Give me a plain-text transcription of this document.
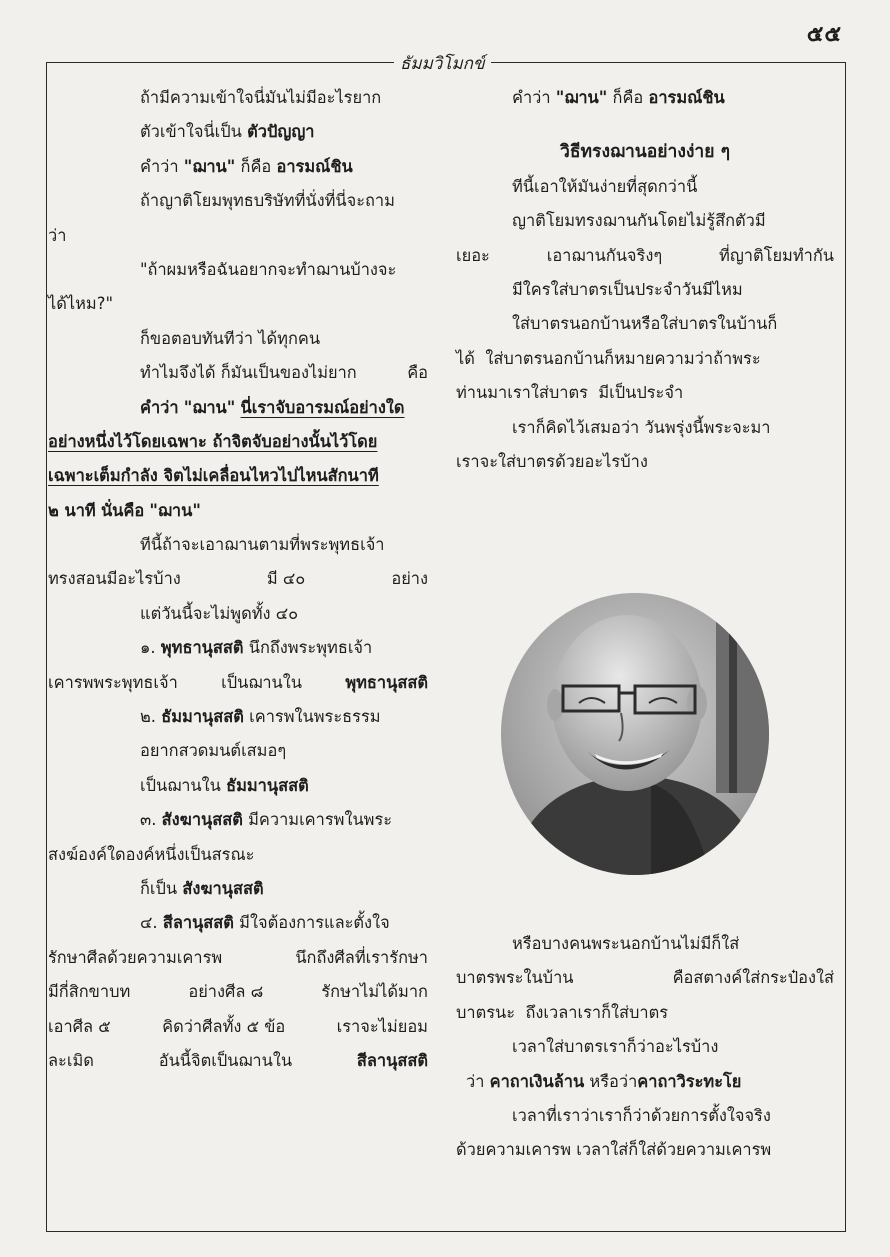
๕๕
ธัมมวิโมกข์
ถ้ามีความเข้าใจนี่มันไม่มีอะไรยาก
ตัวเข้าใจนี่เป็น ตัวปัญญา
คำว่า "ฌาน" ก็คือ อารมณ์ชิน
ถ้าญาติโยมพุทธบริษัทที่นั่งที่นี่จะถาม
ว่า
"ถ้าผมหรือฉันอยากจะทำฌานบ้างจะ
ได้ไหม?"
ก็ขอตอบทันทีว่า ได้ทุกคน
ทำไมจึงได้ ก็มันเป็นของไม่ยาก	คือ
คำว่า "ฌาน" นี่เราจับอารมณ์อย่างใด
อย่างหนึ่งไว้โดยเฉพาะ ถ้าจิตจับอย่างนั้นไว้โดย
เฉพาะเต็มกำลัง จิตไม่เคลื่อนไหวไปไหนสักนาที
๒ นาที นั่นคือ "ฌาน"
ทีนี้ถ้าจะเอาฌานตามที่พระพุทธเจ้า
ทรงสอนมีอะไรบ้าง	มี ๔๐	อย่าง
แต่วันนี้จะไม่พูดทั้ง ๔๐
๑. พุทธานุสสติ นึกถึงพระพุทธเจ้า
เคารพพระพุทธเจ้า	เป็นฌานใน	พุทธานุสสติ
๒. ธัมมานุสสติ เคารพในพระธรรม
อยากสวดมนต์เสมอๆ
เป็นฌานใน ธัมมานุสสติ
๓. สังฆานุสสติ มีความเคารพในพระ
สงฆ์องค์ใดองค์หนึ่งเป็นสรณะ
ก็เป็น สังฆานุสสติ
๔. สีลานุสสติ มีใจต้องการและตั้งใจ
รักษาศีลด้วยความเคารพ	นึกถึงศีลที่เรารักษา
มีกี่สิกขาบท	อย่างศีล ๘	รักษาไม่ได้มาก
เอาศีล ๕	คิดว่าศีลทั้ง ๕ ข้อ	เราจะไม่ยอม
ละเมิด	อันนี้จิตเป็นฌานใน	สีลานุสสติ
คำว่า "ฌาน" ก็คือ อารมณ์ชิน
วิธีทรงฌานอย่างง่าย ๆ
ทีนี้เอาให้มันง่ายที่สุดกว่านี้
ญาติโยมทรงฌานกันโดยไม่รู้สึกตัวมี
เยอะ	เอาฌานกันจริงๆ	ที่ญาติโยมทำกัน
มีใครใส่บาตรเป็นประจำวันมีไหม
ใส่บาตรนอกบ้านหรือใส่บาตรในบ้านก็
ได้ ใส่บาตรนอกบ้านก็หมายความว่าถ้าพระ
ท่านมาเราใส่บาตร มีเป็นประจำ
เราก็คิดไว้เสมอว่า วันพรุ่งนี้พระจะมา
เราจะใส่บาตรด้วยอะไรบ้าง
หรือบางคนพระนอกบ้านไม่มีก็ใส่
บาตรพระในบ้าน	คือสตางค์ใส่กระป๋องใส่
บาตรนะ ถึงเวลาเราก็ใส่บาตร
เวลาใส่บาตรเราก็ว่าอะไรบ้าง
ว่า คาถาเงินล้าน หรือว่าคาถาวิระทะโย
เวลาที่เราว่าเราก็ว่าด้วยการตั้งใจจริง
ด้วยความเคารพ เวลาใส่ก็ใส่ด้วยความเคารพ
